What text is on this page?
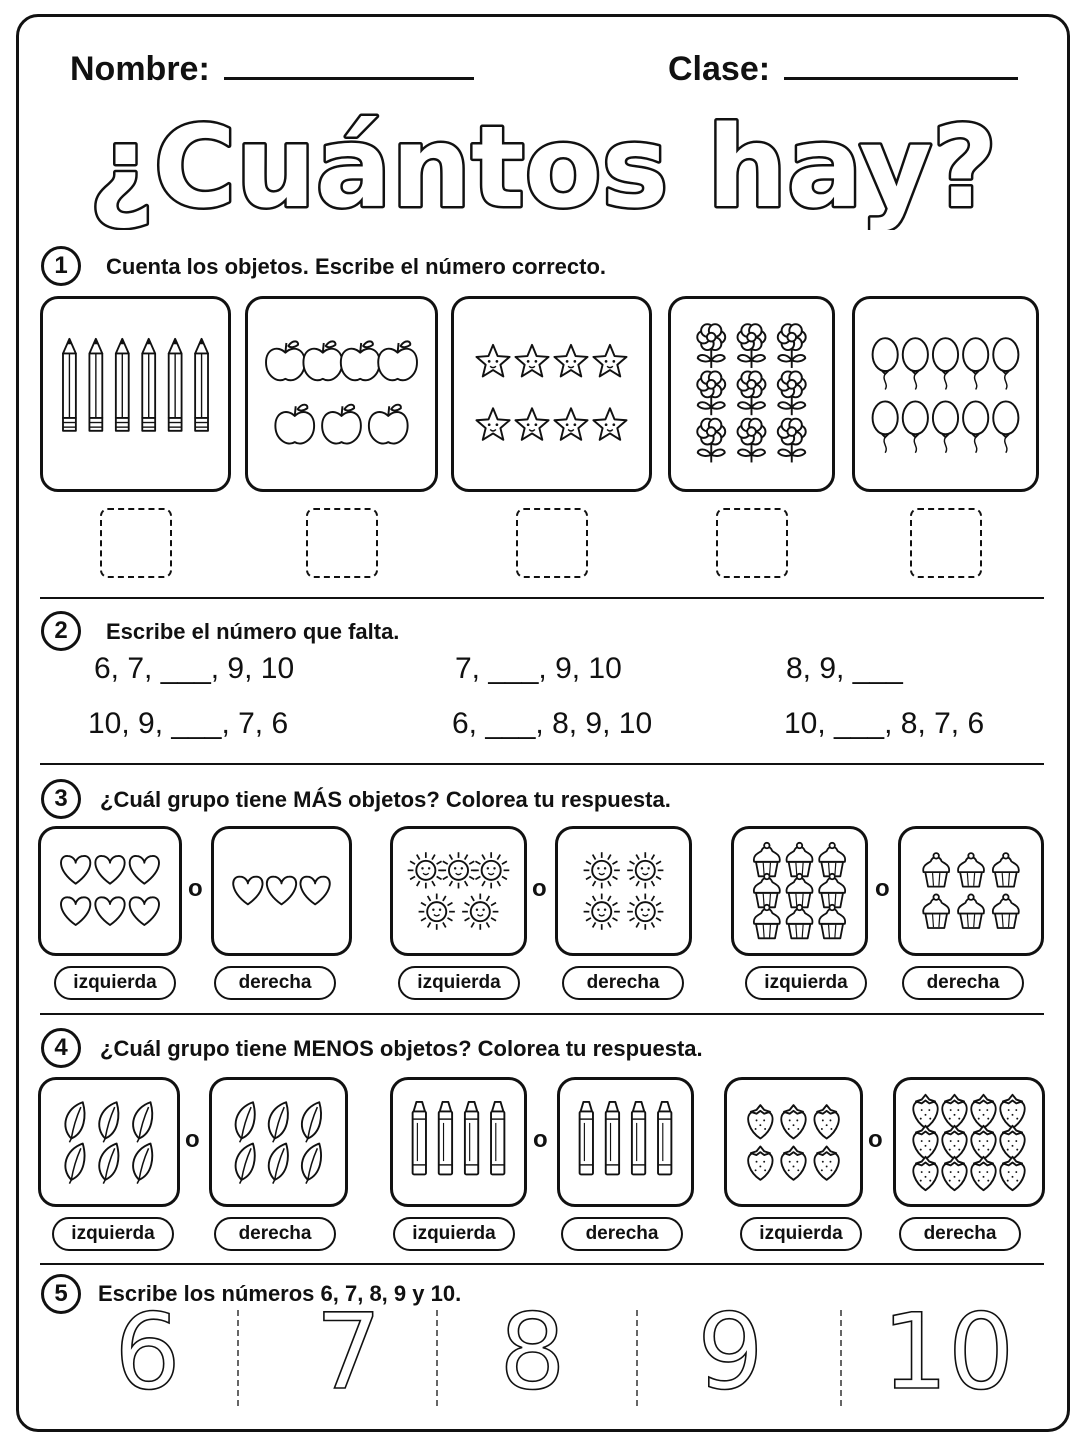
Nombre:	Clase:
¿Cuántos hay?
1	Cuenta los objetos. Escribe el número correcto.
2	Escribe el número que falta.
6, 7, ___, 9, 10	7, ___, 9, 10	8, 9, ___
10, 9, ___, 7, 6	6, ___, 8, 9, 10	10, ___, 8, 7, 6
3	¿Cuál grupo tiene MÁS objetos? Colorea tu respuesta.
o
izquierda	derecha
o
izquierda	derecha
o
izquierda	derecha
4	¿Cuál grupo tiene MENOS objetos? Colorea tu respuesta.
o
izquierda	derecha
o
izquierda	derecha
o
izquierda	derecha
5	Escribe los números 6, 7, 8, 9 y 10.
6 7 8 9 10
